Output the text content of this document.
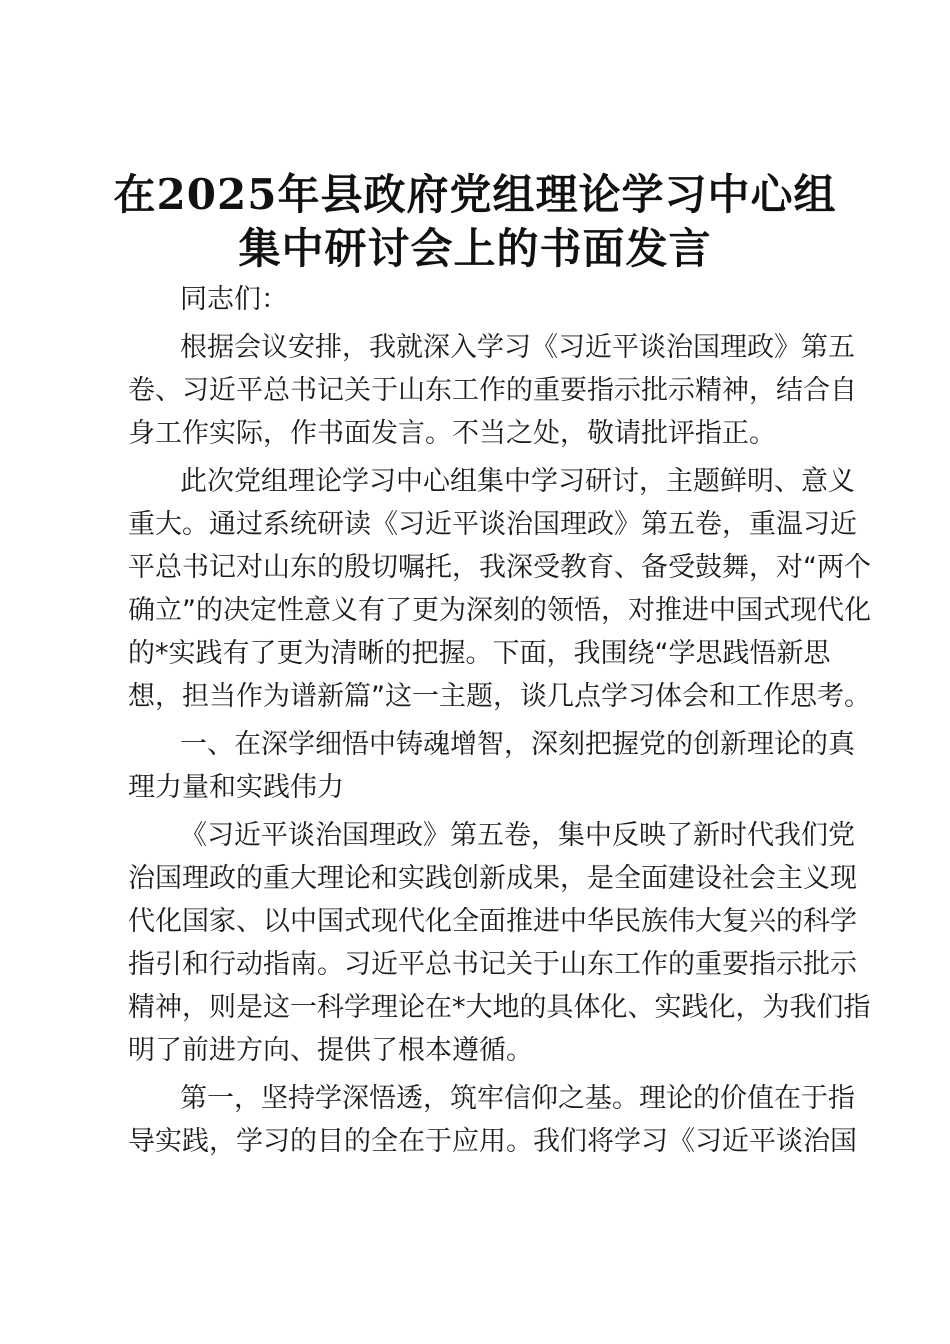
在2025年县政府党组理论学习中心组
集中研讨会上的书面发言
同志们：
根据会议安排，我就深入学习《习近平谈治国理政》第五
卷、习近平总书记关于山东工作的重要指示批示精神，结合自
身工作实际，作书面发言。不当之处，敬请批评指正。
此次党组理论学习中心组集中学习研讨，主题鲜明、意义
重大。通过系统研读《习近平谈治国理政》第五卷，重温习近
平总书记对山东的殷切嘱托，我深受教育、备受鼓舞，对“两个
确立”的决定性意义有了更为深刻的领悟，对推进中国式现代化
的*实践有了更为清晰的把握。下面，我围绕“学思践悟新思
想，担当作为谱新篇”这一主题，谈几点学习体会和工作思考。
一、在深学细悟中铸魂增智，深刻把握党的创新理论的真
理力量和实践伟力
《习近平谈治国理政》第五卷，集中反映了新时代我们党
治国理政的重大理论和实践创新成果，是全面建设社会主义现
代化国家、以中国式现代化全面推进中华民族伟大复兴的科学
指引和行动指南。习近平总书记关于山东工作的重要指示批示
精神，则是这一科学理论在*大地的具体化、实践化，为我们指
明了前进方向、提供了根本遵循。
第一，坚持学深悟透，筑牢信仰之基。理论的价值在于指
导实践，学习的目的全在于应用。我们将学习《习近平谈治国
